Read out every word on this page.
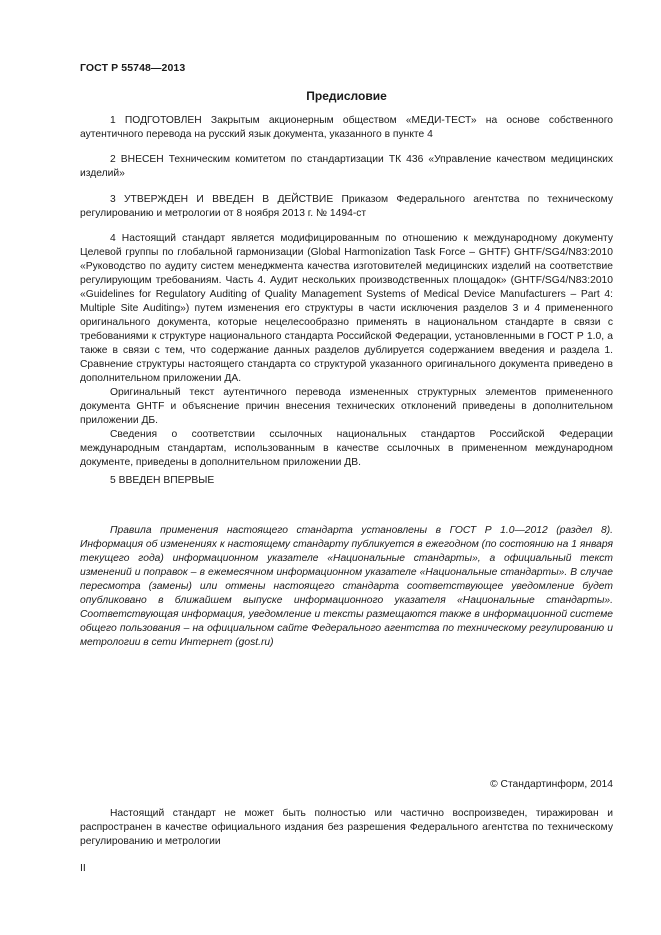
ГОСТ Р 55748—2013
Предисловие

1 ПОДГОТОВЛЕН Закрытым акционерным обществом «МЕДИ-ТЕСТ» на основе собственного аутентичного перевода на русский язык документа, указанного в пункте 4

2 ВНЕСЕН Техническим комитетом по стандартизации ТК 436 «Управление качеством медицинских изделий»

3 УТВЕРЖДЕН И ВВЕДЕН В ДЕЙСТВИЕ Приказом Федерального агентства по техническому регулированию и метрологии от 8 ноября 2013 г. № 1494-ст

4 Настоящий стандарт является модифицированным по отношению к международному документу Целевой группы по глобальной гармонизации (Global Harmonization Task Force – GHTF) GHTF/SG4/N83:2010 «Руководство по аудиту систем менеджмента качества изготовителей медицинских изделий на соответствие регулирующим требованиям. Часть 4. Аудит нескольких производственных площадок» (GHTF/SG4/N83:2010 «Guidelines for Regulatory Auditing of Quality Management Systems of Medical Device Manufacturers – Part 4: Multiple Site Auditing») путем изменения его структуры в части исключения разделов 3 и 4 примененного оригинального документа, которые нецелесообразно применять в национальном стандарте в связи с требованиями к структуре национального стандарта Российской Федерации, установленными в ГОСТ Р 1.0, а также в связи с тем, что содержание данных разделов дублируется содержанием введения и раздела 1. Сравнение структуры настоящего стандарта со структурой указанного оригинального документа приведено в дополнительном приложении ДА.

Оригинальный текст аутентичного перевода измененных структурных элементов примененного документа GHTF и объяснение причин внесения технических отклонений приведены в дополнительном приложении ДБ.

Сведения о соответствии ссылочных национальных стандартов Российской Федерации международным стандартам, использованным в качестве ссылочных в примененном международном документе, приведены в дополнительном приложении ДВ.

5 ВВЕДЕН ВПЕРВЫЕ

Правила применения настоящего стандарта установлены в ГОСТ Р 1.0—2012 (раздел 8). Информация об изменениях к настоящему стандарту публикуется в ежегодном (по состоянию на 1 января текущего года) информационном указателе «Национальные стандарты», а официальный текст изменений и поправок – в ежемесячном информационном указателе «Национальные стандарты». В случае пересмотра (замены) или отмены настоящего стандарта соответствующее уведомление будет опубликовано в ближайшем выпуске информационного указателя «Национальные стандарты». Соответствующая информация, уведомление и тексты размещаются также в информационной системе общего пользования – на официальном сайте Федерального агентства по техническому регулированию и метрологии в сети Интернет (gost.ru)

© Стандартинформ, 2014

Настоящий стандарт не может быть полностью или частично воспроизведен, тиражирован и распространен в качестве официального издания без разрешения Федерального агентства по техническому регулированию и метрологии

II
